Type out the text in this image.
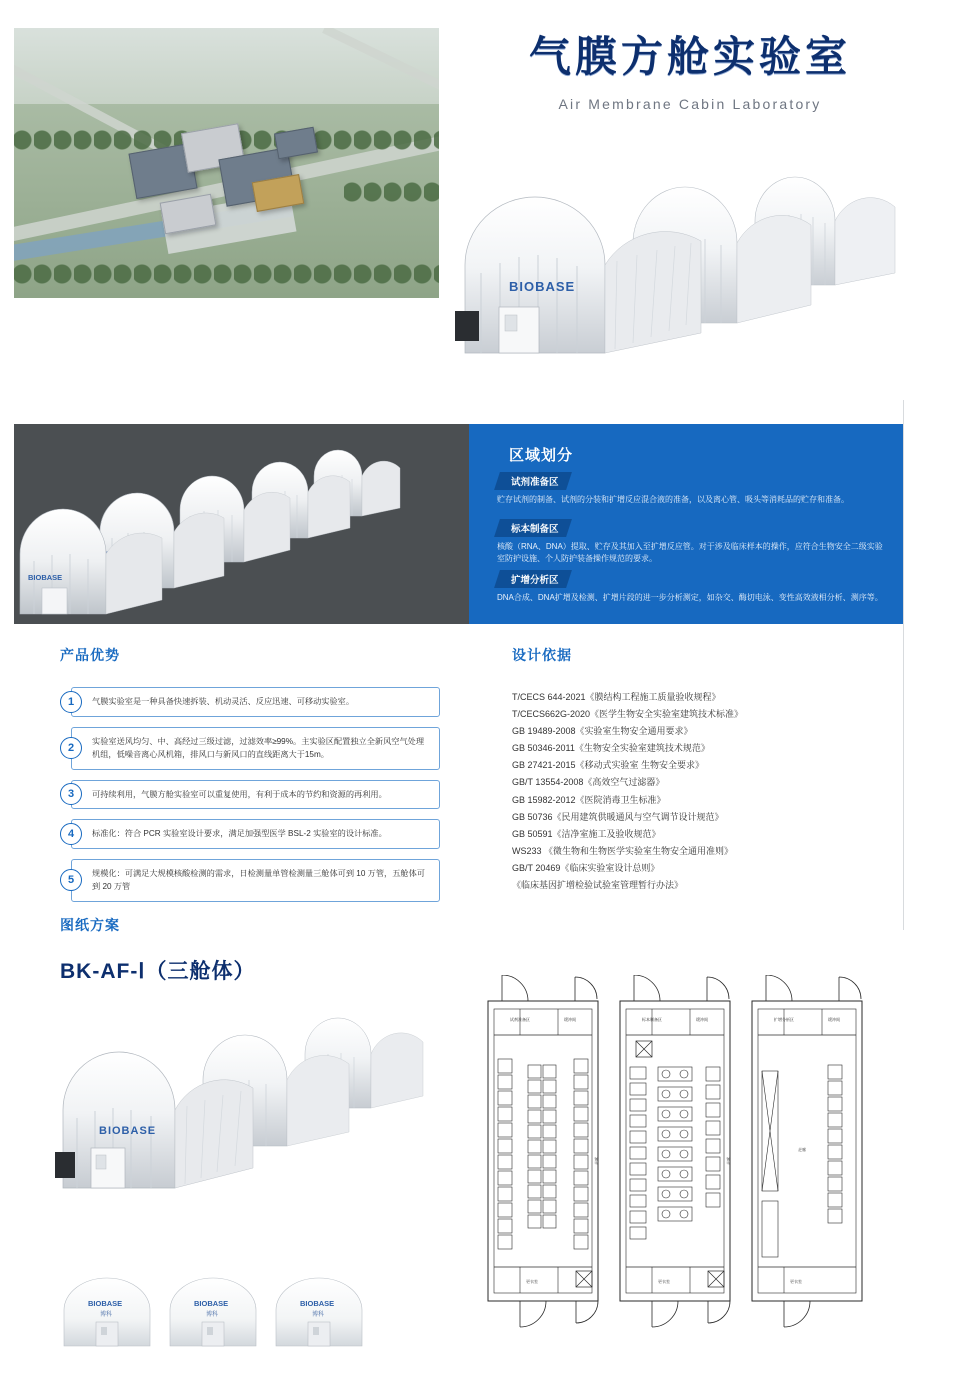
气膜方舱实验室
Air Membrane Cabin Laboratory
BIOBASE
BIOBASE
区域划分
试剂准备区
贮存试剂的制备、试剂的分装和扩增反应混合液的准备，以及离心管、吸头等消耗品的贮存和准备。
标本制备区
核酸（RNA、DNA）提取、贮存及其加入至扩增反应管。对于涉及临床样本的操作，应符合生物安全二级实验室防护设施、个人防护装备操作规范的要求。
扩增分析区
DNA合成、DNA扩增及检测、扩增片段的进一步分析测定，如杂交、酶切电泳、变性高效液相分析、测序等。
产品优势
1	气膜实验室是一种具备快速拆装、机动灵活、反应迅速、可移动实验室。
2
实验室送风均匀、中、高经过三级过滤，过滤效率≥99%。主实验区配置独立全新风空气处理机组，低噪音离心风机箱，排风口与新风口的直线距离大于15m。
3	可持续利用，气膜方舱实验室可以重复使用，有利于成本的节约和资源的再利用。
4	标准化：符合 PCR 实验室设计要求，满足加强型医学 BSL-2 实验室的设计标准。
5
规模化：可满足大规模核酸检测的需求，日检测量单管检测量三舱体可到 10 万管，五舱体可到 20 万管
设计依据
T/CECS 644-2021《膜结构工程施工质量验收规程》
T/CECS662G-2020《医学生物安全实验室建筑技术标准》
GB 19489-2008《实验室生物安全通用要求》
GB 50346-2011《生物安全实验室建筑技术规范》
GB 27421-2015《移动式实验室 生物安全要求》
GB/T 13554-2008《高效空气过滤器》
GB 15982-2012《医院消毒卫生标准》
GB 50736《民用建筑供暖通风与空气调节设计规范》
GB 50591《洁净室施工及验收规范》
WS233 《微生物和生物医学实验室生物安全通用准则》
GB/T 20469《临床实验室设计总则》
《临床基因扩增检验试验室管理暂行办法》
图纸方案
BK-AF-Ⅰ（三舱体）
BIOBASE
BIOBASE
博科
BIOBASE
博科
BIOBASE
博科
试剂准备区	缓冲间	标本制备区	缓冲间	扩增分析区	缓冲间
更衣室	更衣室	更衣室
走廊	走廊
走廊
